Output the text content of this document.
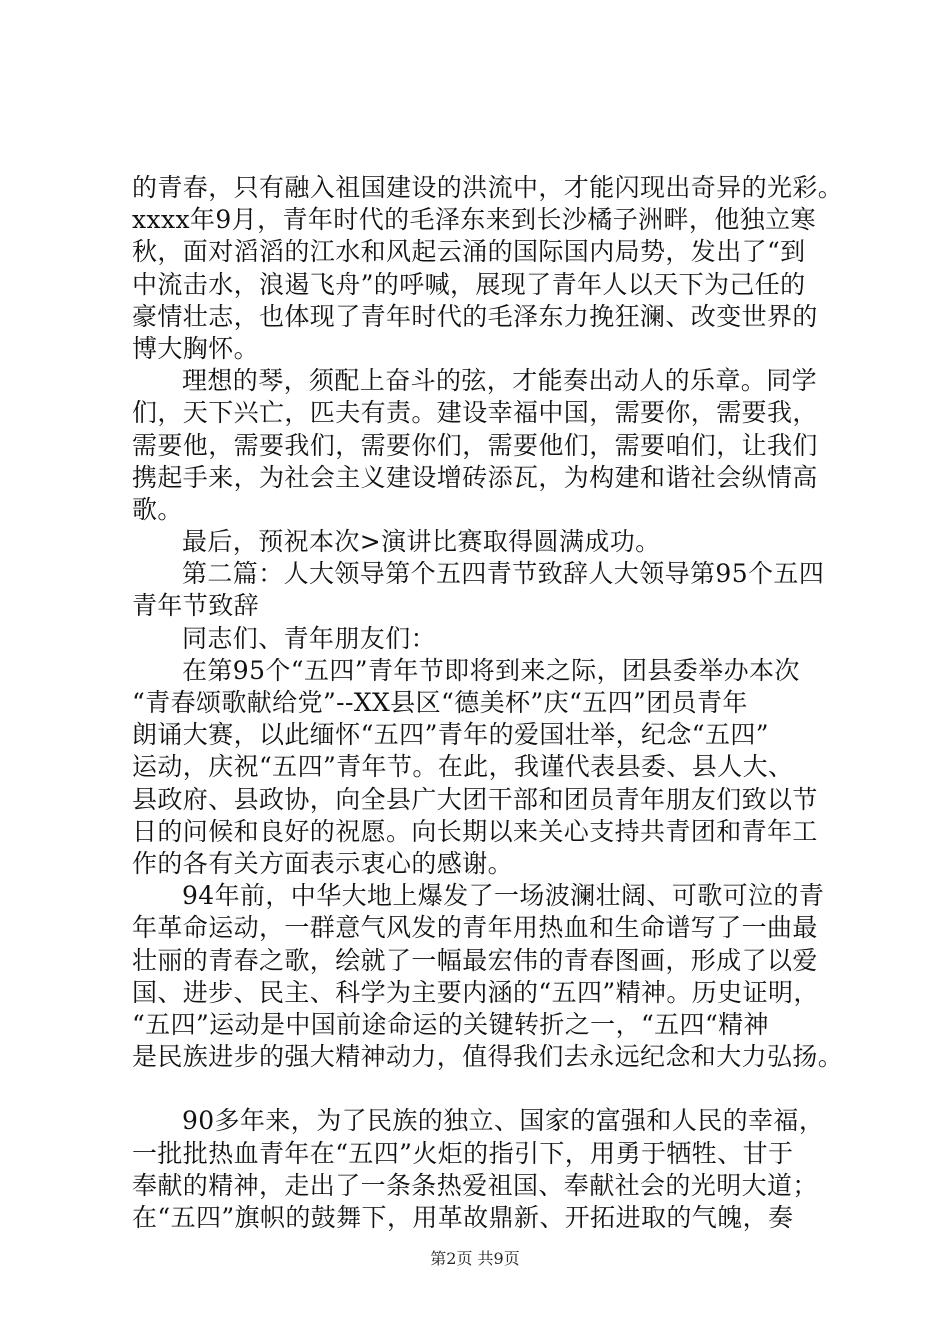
的青春，只有融入祖国建设的洪流中，才能闪现出奇异的光彩。
xxxx年9月，青年时代的毛泽东来到长沙橘子洲畔，他独立寒
秋，面对滔滔的江水和风起云涌的国际国内局势，发出了“到
中流击水，浪遏飞舟”的呼喊，展现了青年人以天下为己任的
豪情壮志，也体现了青年时代的毛泽东力挽狂澜、改变世界的
博大胸怀。
理想的琴，须配上奋斗的弦，才能奏出动人的乐章。同学
们，天下兴亡，匹夫有责。建设幸福中国，需要你，需要我，
需要他，需要我们，需要你们，需要他们，需要咱们，让我们
携起手来，为社会主义建设增砖添瓦，为构建和谐社会纵情高
歌。
最后，预祝本次>演讲比赛取得圆满成功。
第二篇：人大领导第个五四青节致辞人大领导第95个五四
青年节致辞
同志们、青年朋友们：
在第95个“五四”青年节即将到来之际，团县委举办本次
“青春颂歌献给党”--XX县区“德美杯”庆“五四”团员青年
朗诵大赛，以此缅怀“五四”青年的爱国壮举，纪念“五四”
运动，庆祝“五四”青年节。在此，我谨代表县委、县人大、
县政府、县政协，向全县广大团干部和团员青年朋友们致以节
日的问候和良好的祝愿。向长期以来关心支持共青团和青年工
作的各有关方面表示衷心的感谢。
94年前，中华大地上爆发了一场波澜壮阔、可歌可泣的青
年革命运动，一群意气风发的青年用热血和生命谱写了一曲最
壮丽的青春之歌，绘就了一幅最宏伟的青春图画，形成了以爱
国、进步、民主、科学为主要内涵的“五四”精神。历史证明，
“五四”运动是中国前途命运的关键转折之一，“五四“精神
是民族进步的强大精神动力，值得我们去永远纪念和大力弘扬。
90多年来，为了民族的独立、国家的富强和人民的幸福，
一批批热血青年在“五四”火炬的指引下，用勇于牺牲、甘于
奉献的精神，走出了一条条热爱祖国、奉献社会的光明大道；
在“五四”旗帜的鼓舞下，用革故鼎新、开拓进取的气魄，奏
第2页 共9页
